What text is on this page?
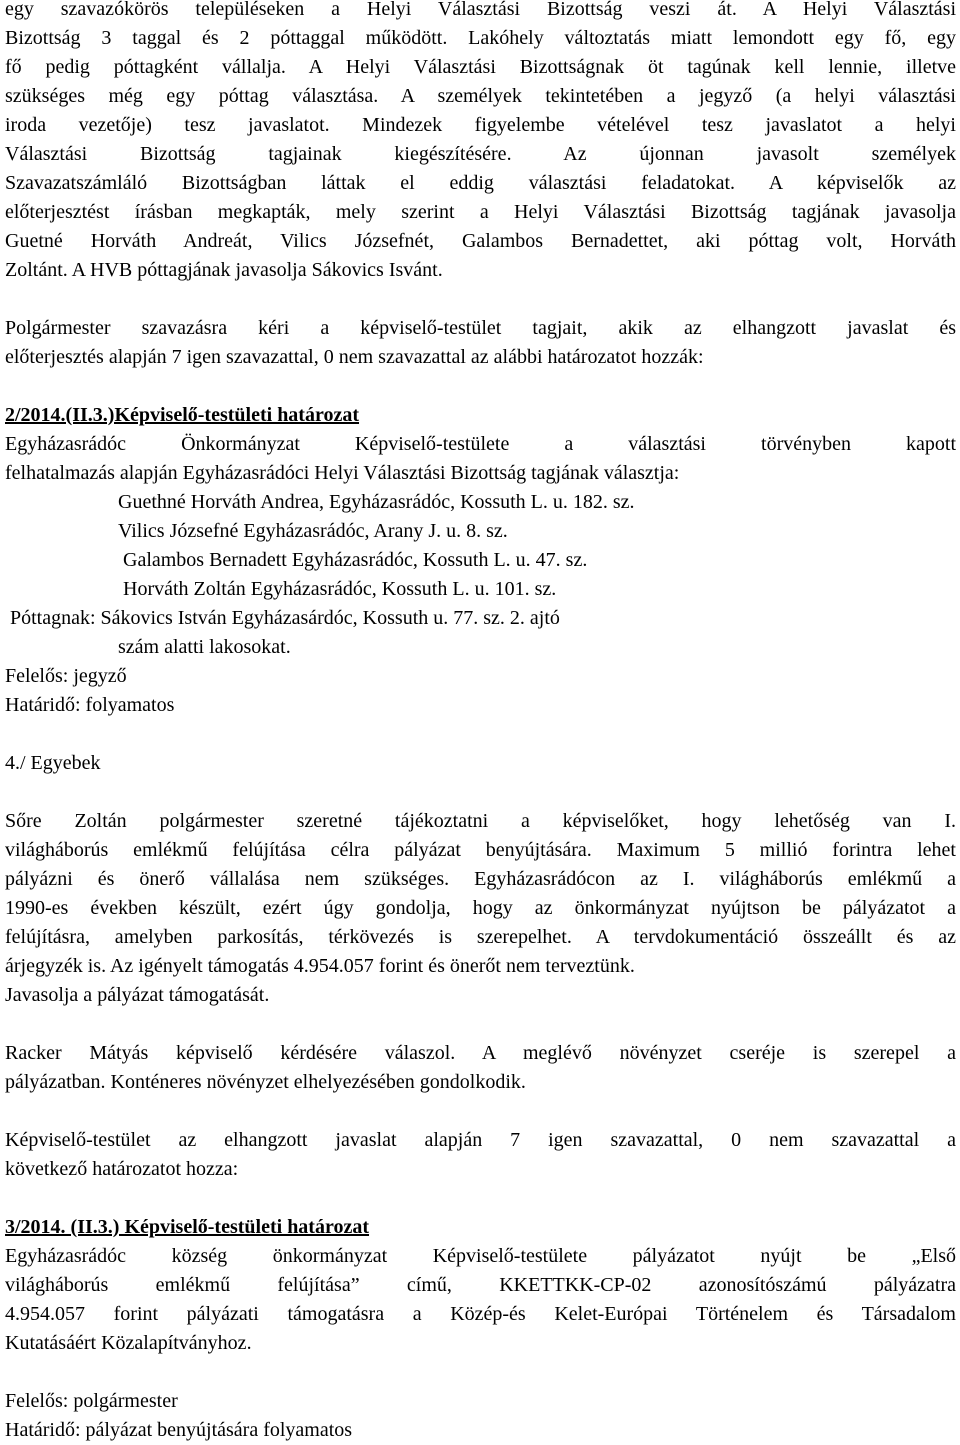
egy szavazókörös településeken a Helyi Választási Bizottság veszi át. A Helyi Választási

Bizottság 3 taggal és 2 póttaggal működött. Lakóhely változtatás miatt lemondott egy fő, egy

fő pedig póttagként vállalja. A Helyi Választási Bizottságnak öt tagúnak kell lennie, illetve

szükséges még egy póttag választása. A személyek tekintetében a jegyző (a helyi választási

iroda vezetője) tesz javaslatot. Mindezek figyelembe vételével tesz javaslatot a helyi

Választási Bizottság tagjainak kiegészítésére. Az újonnan javasolt személyek

Szavazatszámláló Bizottságban láttak el eddig választási feladatokat. A képviselők az

előterjesztést írásban megkapták, mely szerint a Helyi Választási Bizottság tagjának javasolja

Guetné Horváth Andreát, Vilics Józsefnét, Galambos Bernadettet, aki póttag volt, Horváth

Zoltánt. A HVB póttagjának javasolja Sákovics Isvánt.

Polgármester szavazásra kéri a képviselő-testület tagjait, akik az elhangzott javaslat és

előterjesztés alapján 7 igen szavazattal, 0 nem szavazattal az alábbi határozatot hozzák:

2/2014.(II.3.)Képviselő-testületi határozat

Egyházasrádóc Önkormányzat Képviselő-testülete a választási törvényben kapott

felhatalmazás alapján Egyházasrádóci Helyi Választási Bizottság tagjának választja:

Guethné Horváth Andrea, Egyházasrádóc, Kossuth L. u. 182. sz.

Vilics Józsefné Egyházasrádóc, Arany J. u. 8. sz.

Galambos Bernadett Egyházasrádóc, Kossuth L. u. 47. sz.

Horváth Zoltán Egyházasrádóc, Kossuth L. u. 101. sz.

Póttagnak: Sákovics István Egyházasárdóc, Kossuth u. 77. sz. 2. ajtó

szám alatti lakosokat.

Felelős: jegyző

Határidő: folyamatos

4./ Egyebek

Sőre Zoltán polgármester szeretné tájékoztatni a képviselőket, hogy lehetőség van I.

világháborús emlékmű felújítása célra pályázat benyújtására. Maximum 5 millió forintra lehet

pályázni és önerő vállalása nem szükséges. Egyházasrádócon az I. világháborús emlékmű a

1990-es években készült, ezért úgy gondolja, hogy az önkormányzat nyújtson be pályázatot a

felújításra, amelyben parkosítás, térkövezés is szerepelhet. A tervdokumentáció összeállt és az

árjegyzék is. Az igényelt támogatás 4.954.057 forint és önerőt nem terveztünk.

Javasolja a pályázat támogatását.

Racker Mátyás képviselő kérdésére válaszol. A meglévő növényzet cseréje is szerepel a

pályázatban. Konténeres növényzet elhelyezésében gondolkodik.

Képviselő-testület az elhangzott javaslat alapján 7 igen szavazattal, 0 nem szavazattal a

következő határozatot hozza:

3/2014. (II.3.) Képviselő-testületi határozat

Egyházasrádóc község önkormányzat Képviselő-testülete pályázatot nyújt be „Első

világháborús emlékmű felújítása” című, KKETTKK-CP-02 azonosítószámú pályázatra

4.954.057 forint pályázati támogatásra a Közép-és Kelet-Európai Történelem és Társadalom

Kutatásáért Közalapítványhoz.

Felelős: polgármester

Határidő: pályázat benyújtására folyamatos
